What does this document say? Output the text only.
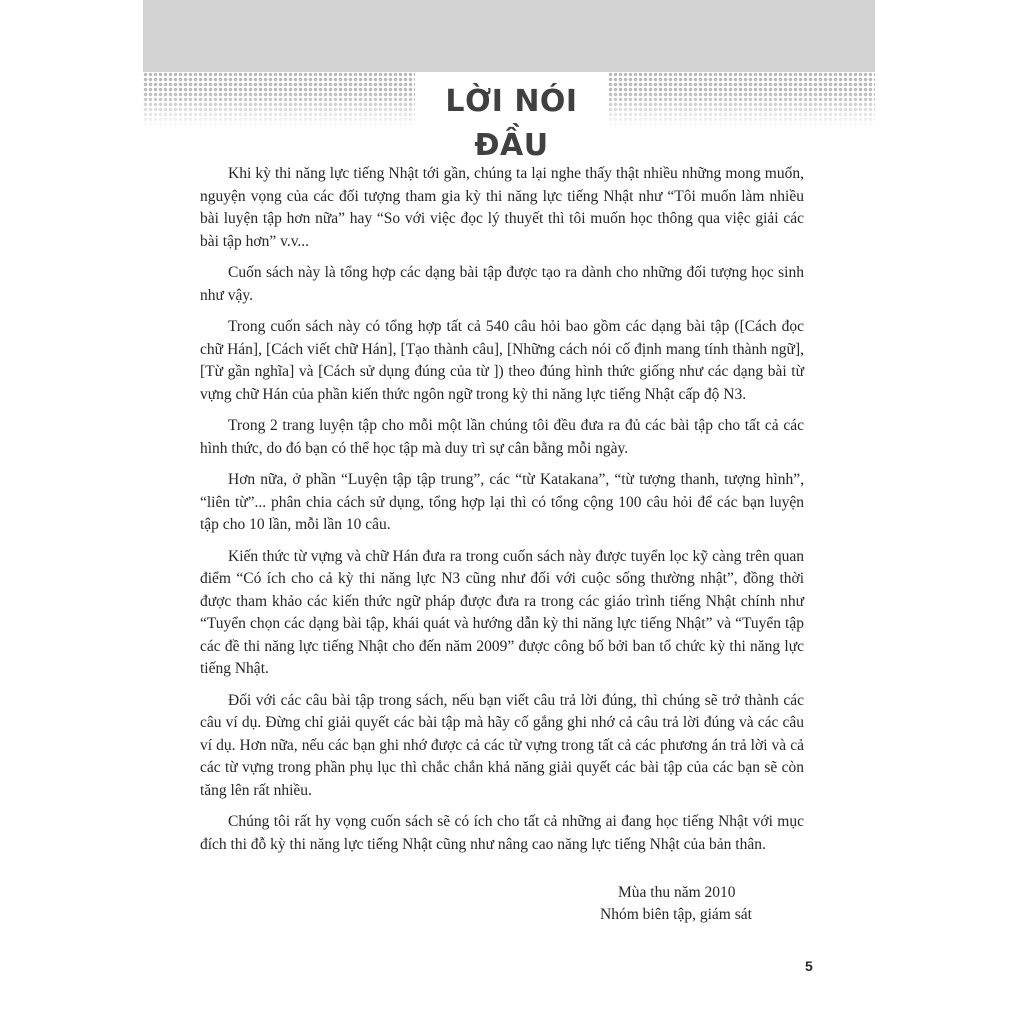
LỜI NÓI ĐẦU

Khi kỳ thi năng lực tiếng Nhật tới gần, chúng ta lại nghe thấy thật nhiều những mong muốn, nguyện vọng của các đối tượng tham gia kỳ thi năng lực tiếng Nhật như “Tôi muốn làm nhiều bài luyện tập hơn nữa” hay “So với việc đọc lý thuyết thì tôi muốn học thông qua việc giải các bài tập hơn” v.v...

Cuốn sách này là tổng hợp các dạng bài tập được tạo ra dành cho những đối tượng học sinh như vậy.

Trong cuốn sách này có tổng hợp tất cả 540 câu hỏi bao gồm các dạng bài tập ([Cách đọc chữ Hán], [Cách viết chữ Hán], [Tạo thành câu], [Những cách nói cố định mang tính thành ngữ], [Từ gần nghĩa] và [Cách sử dụng đúng của từ ]) theo đúng hình thức giống như các dạng bài từ vựng chữ Hán của phần kiến thức ngôn ngữ trong kỳ thi năng lực tiếng Nhật cấp độ N3.

Trong 2 trang luyện tập cho mỗi một lần chúng tôi đều đưa ra đủ các bài tập cho tất cả các hình thức, do đó bạn có thể học tập mà duy trì sự cân bằng mỗi ngày.

Hơn nữa, ở phần “Luyện tập tập trung”, các “từ Katakana”, “từ tượng thanh, tượng hình”, “liên từ”... phân chia cách sử dụng, tổng hợp lại thì có tổng cộng 100 câu hỏi để các bạn luyện tập cho 10 lần, mỗi lần 10 câu.

Kiến thức từ vựng và chữ Hán đưa ra trong cuốn sách này được tuyển lọc kỹ càng trên quan điểm “Có ích cho cả kỳ thi năng lực N3 cũng như đối với cuộc sống thường nhật”, đồng thời được tham khảo các kiến thức ngữ pháp được đưa ra trong các giáo trình tiếng Nhật chính như “Tuyển chọn các dạng bài tập, khái quát và hướng dẫn kỳ thi năng lực tiếng Nhật” và “Tuyển tập các đề thi năng lực tiếng Nhật cho đến năm 2009” được công bố bởi ban tổ chức kỳ thi năng lực tiếng Nhật.

Đối với các câu bài tập trong sách, nếu bạn viết câu trả lời đúng, thì chúng sẽ trở thành các câu ví dụ. Đừng chỉ giải quyết các bài tập mà hãy cố gắng ghi nhớ cả câu trả lời đúng và các câu ví dụ. Hơn nữa, nếu các bạn ghi nhớ được cả các từ vựng trong tất cả các phương án trả lời và cả các từ vựng trong phần phụ lục thì chắc chắn khả năng giải quyết các bài tập của các bạn sẽ còn tăng lên rất nhiều.

Chúng tôi rất hy vọng cuốn sách sẽ có ích cho tất cả những ai đang học tiếng Nhật với mục đích thi đỗ kỳ thi năng lực tiếng Nhật cũng như nâng cao năng lực tiếng Nhật của bản thân.

Mùa thu năm 2010
Nhóm biên tập, giám sát
5
